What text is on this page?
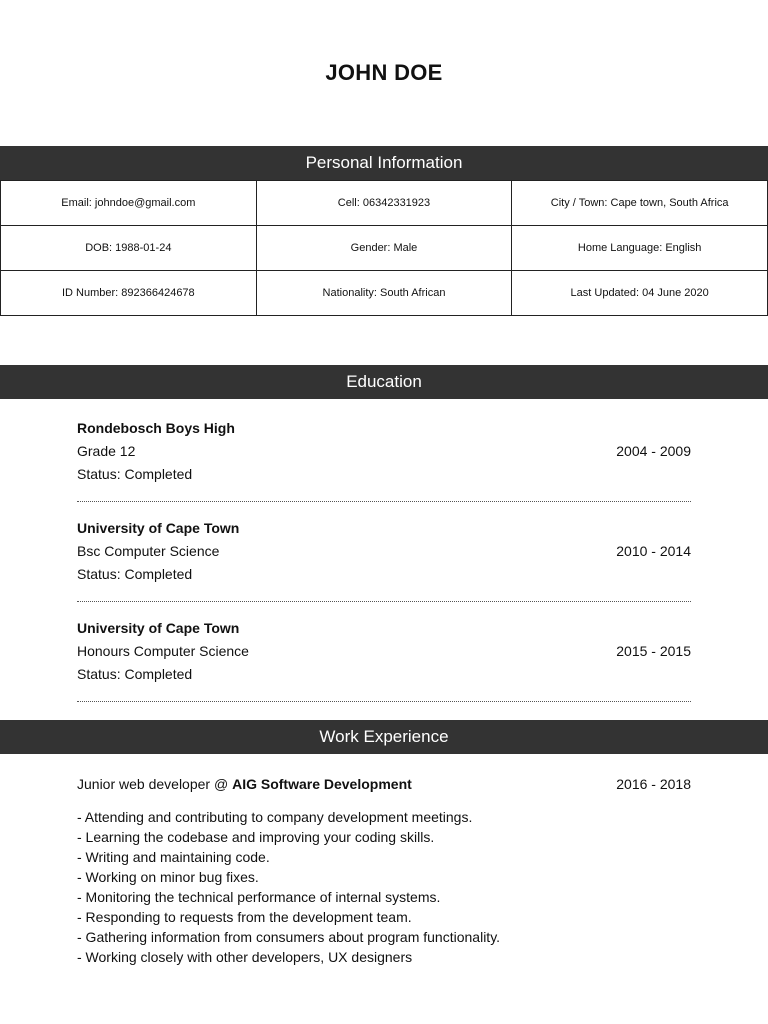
JOHN DOE
Personal Information
Email: johndoe@gmail.com	Cell: 06342331923	City / Town: Cape town, South Africa
DOB: 1988-01-24	Gender: Male	Home Language: English
ID Number: 892366424678	Nationality: South African	Last Updated: 04 June 2020
Education
Rondebosch Boys High
Grade 12
Status: Completed
2004 - 2009
University of Cape Town
Bsc Computer Science
Status: Completed
2010 - 2014
University of Cape Town
Honours Computer Science
Status: Completed
2015 - 2015
Work Experience
Junior web developer @ AIG Software Development	2016 - 2018
- Attending and contributing to company development meetings.
- Learning the codebase and improving your coding skills.
- Writing and maintaining code.
- Working on minor bug fixes.
- Monitoring the technical performance of internal systems.
- Responding to requests from the development team.
- Gathering information from consumers about program functionality.
- Working closely with other developers, UX designers
